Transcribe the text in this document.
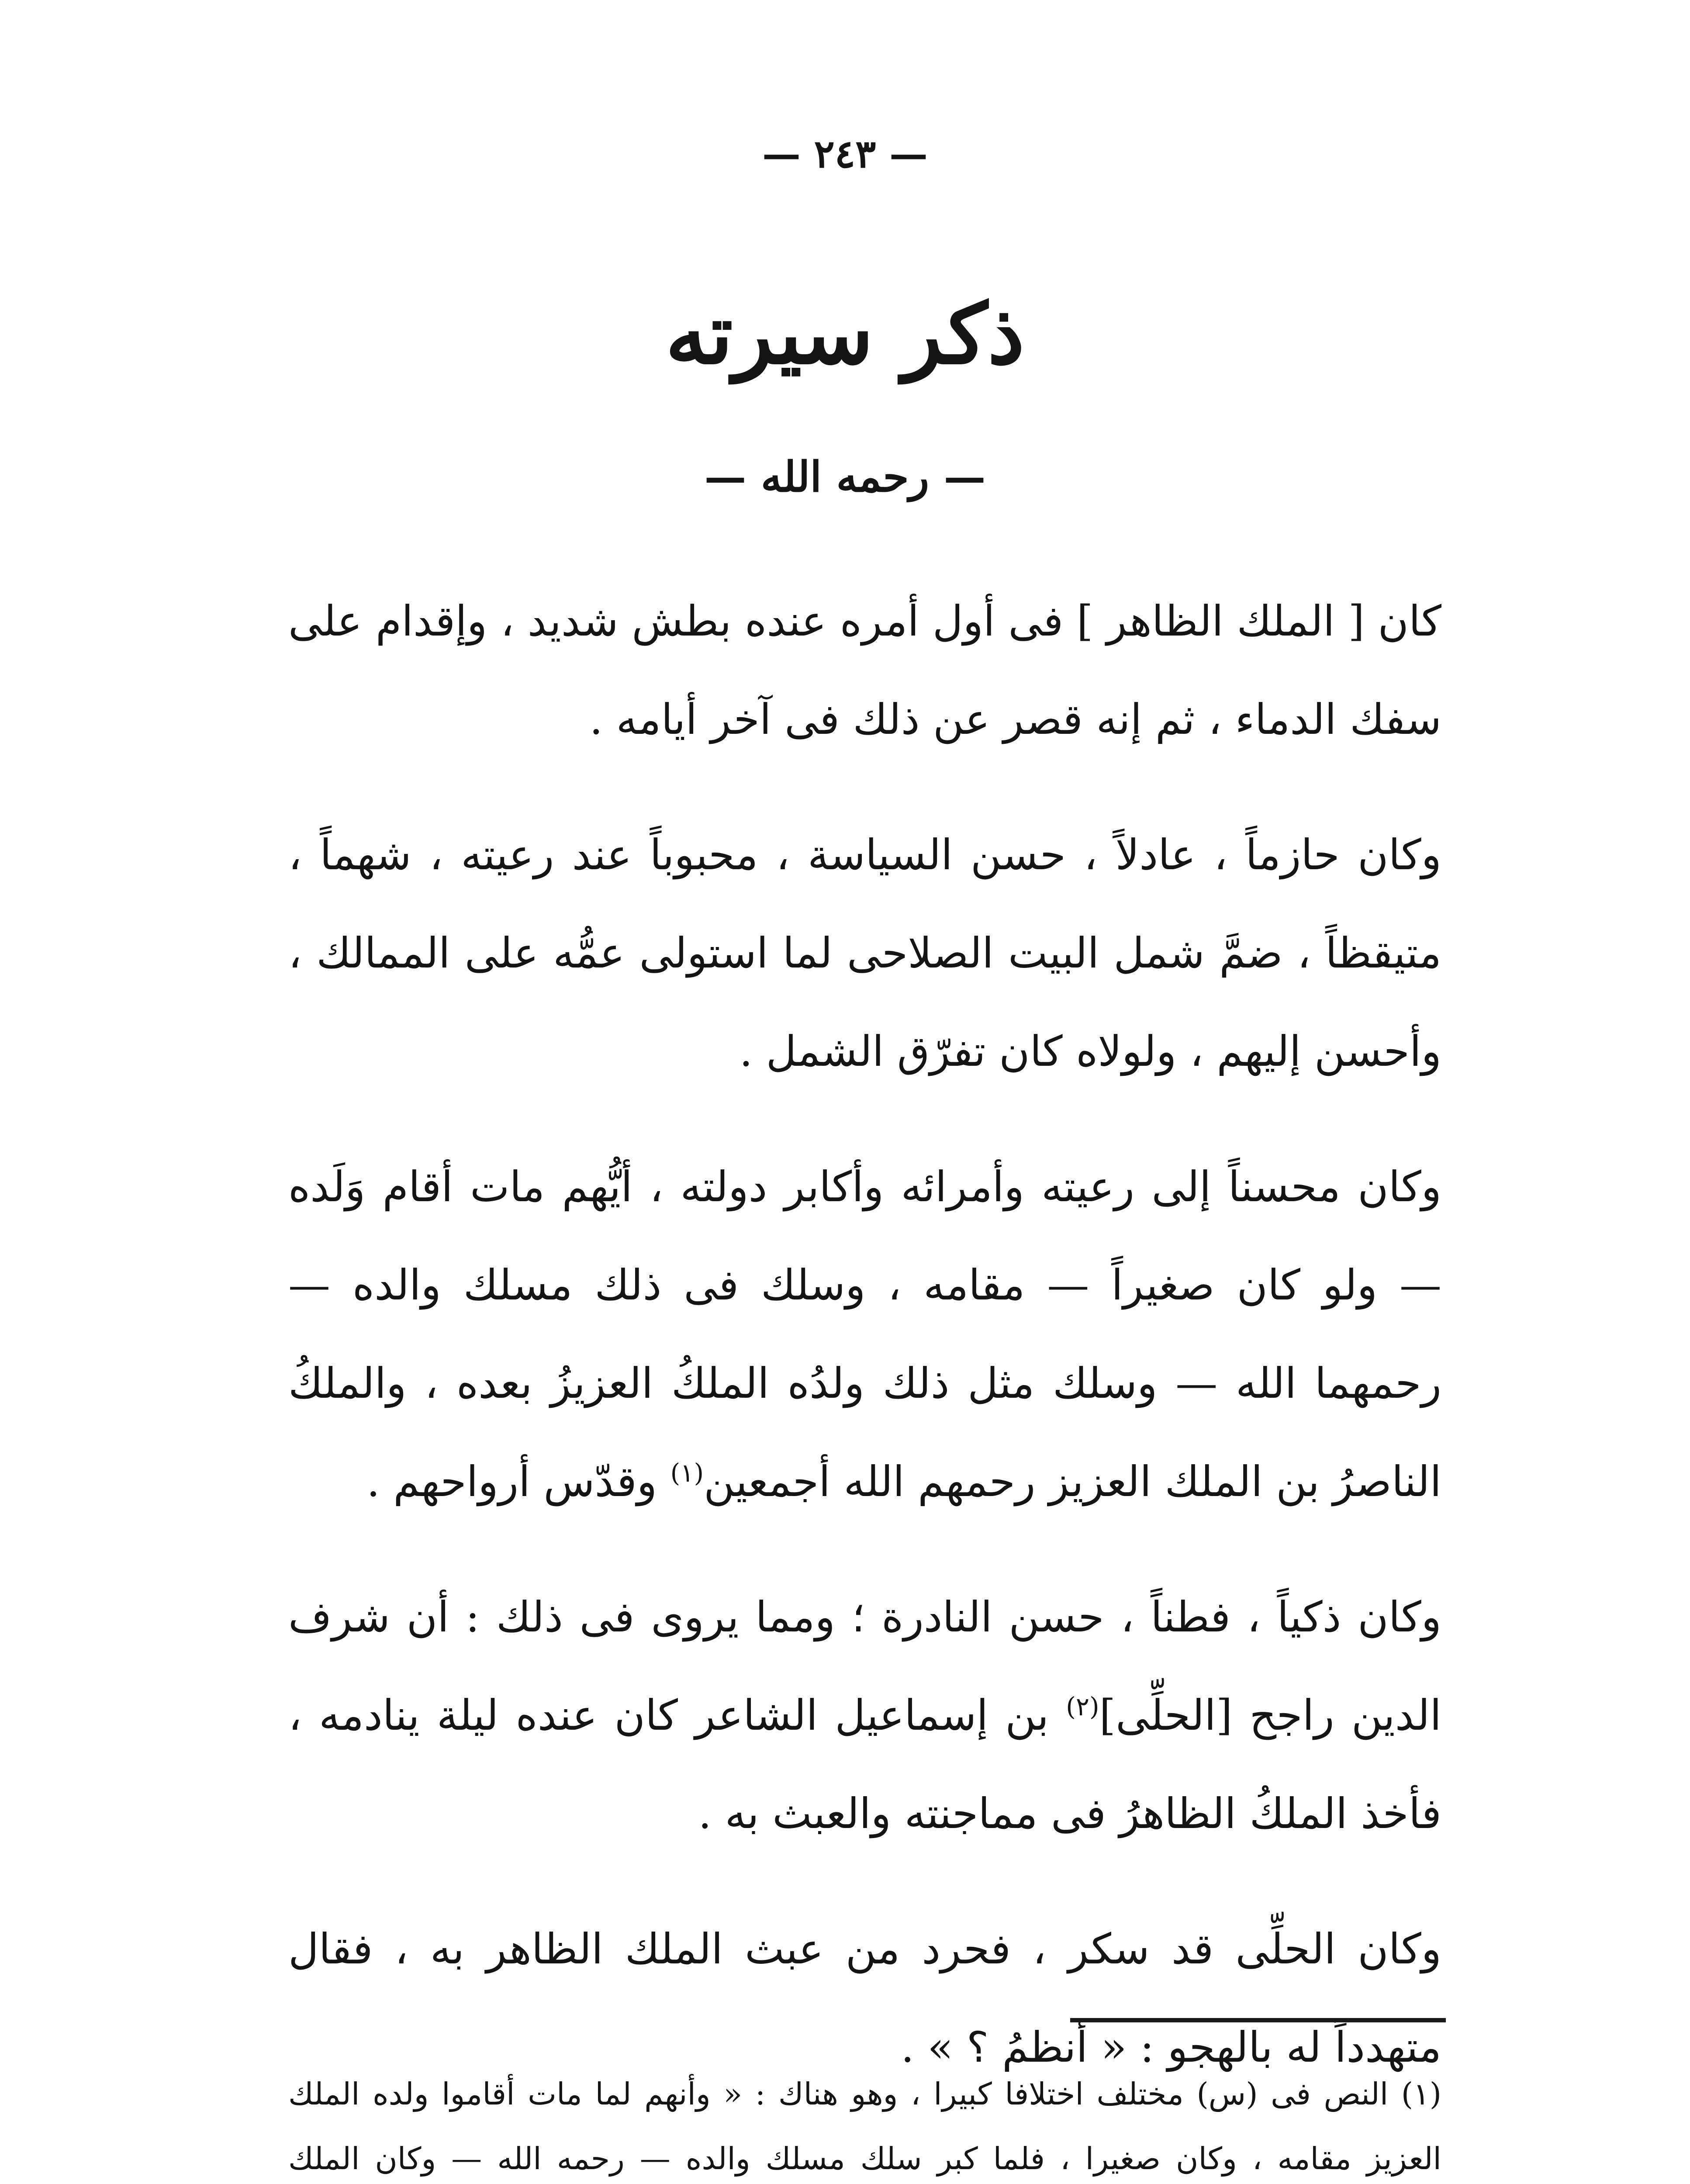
— ٢٤٣ —
ذكر سيرته
— رحمه الله —

كان [ الملك الظاهر ] فى أول أمره عنده بطش شديد ، وإقدام على سفك الدماء ، ثم إنه قصر عن ذلك فى آخر أيامه .

وكان حازماً ، عادلاً ، حسن السياسة ، محبوباً عند رعيته ، شهماً ، متيقظاً ، ضمَّ شمل البيت الصلاحى لما استولى عمُّه على الممالك ، وأحسن إليهم ، ولولاه كان تفرّق الشمل .

وكان محسناً إلى رعيته وأمرائه وأكابر دولته ، أيُّهم مات أقام وَلَده — ولو كان صغيراً — مقامه ، وسلك فى ذلك مسلك والده — رحمهما الله — وسلك مثل ذلك ولدُه الملكُ العزيزُ بعده ، والملكُ الناصرُ بن الملك العزيز رحمهم الله أجمعين$^{(١)}$ وقدّس أرواحهم .

وكان ذكياً ، فطناً ، حسن النادرة ؛ ومما يروى فى ذلك : أن شرف الدين راجح [الحلِّى]$^{(٢)}$ بن إسماعيل الشاعر كان عنده ليلة ينادمه ، فأخذ الملكُ الظاهرُ فى مماجنته والعبث به .

وكان الحلِّى قد سكر ، فحرد من عبث الملك الظاهر به ، فقال متهدداً له بالهجو : « أنظمُ ؟ » .

(١) النص فى (س) مختلف اختلافا كبيرا ، وهو هناك : « وأنهم لما مات أقاموا ولده الملك العزيز مقامه ، وكان صغيرا ، فلما كبر سلك مسلك والده — رحمه الله — وكان الملك
